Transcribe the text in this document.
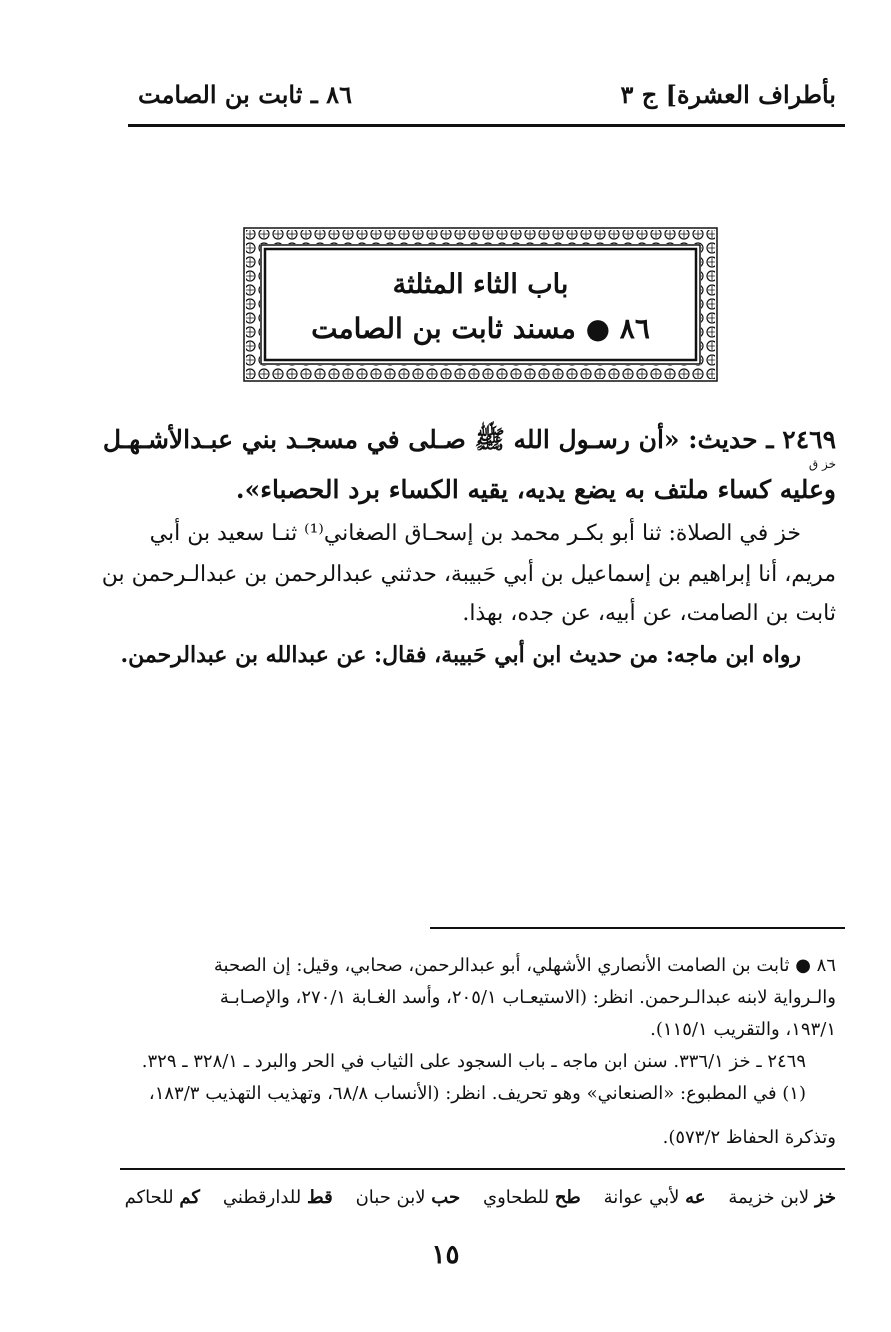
بأطراف العشرة] ج ٣
٨٦ ـ ثابت بن الصامت
باب الثاء المثلثة
٨٦ ● مسند ثابت بن الصامت
٢٤٦٩ ـ حديث: «أن رسـول الله ﷺ صـلى في مسجـد بني عبـدالأشـهـل
خز ق
وعليه كساء ملتف به يضع يديه، يقيه الكساء برد الحصباء».
خز في الصلاة: ثنا أبو بكـر محمد بن إسحـاق الصغاني⁽¹⁾ ثنـا سعيد بن أبي
مريم، أنا إبراهيم بن إسماعيل بن أبي حَبيبة، حدثني عبدالرحمن بن عبدالـرحمن بن
ثابت بن الصامت، عن أبيه، عن جده، بهذا.
رواه ابن ماجه: من حديث ابن أبي حَبيبة، فقال: عن عبدالله بن عبدالرحمن.
٨٦ ● ثابت بن الصامت الأنصاري الأشهلي، أبو عبدالرحمن، صحابي، وقيل: إن الصحبة
والـرواية لابنه عبدالـرحمن. انظر: (الاستيعـاب ٢٠٥/١، وأسد الغـابة ٢٧٠/١، والإصـابـة
١٩٣/١، والتقريب ١١٥/١).
٢٤٦٩ ـ خز ٣٣٦/١. سنن ابن ماجه ـ باب السجود على الثياب في الحر والبرد ـ ٣٢٨/١ ـ ٣٢٩.
(١) في المطبوع: «الصنعاني» وهو تحريف. انظر: (الأنساب ٦٨/٨، وتهذيب التهذيب ١٨٣/٣،
وتذكرة الحفاظ ٥٧٣/٢).
خز لابن خزيمة    عه لأبي عوانة    طح للطحاوي    حب لابن حبان    قط للدارقطني    كم للحاكم
١٥
